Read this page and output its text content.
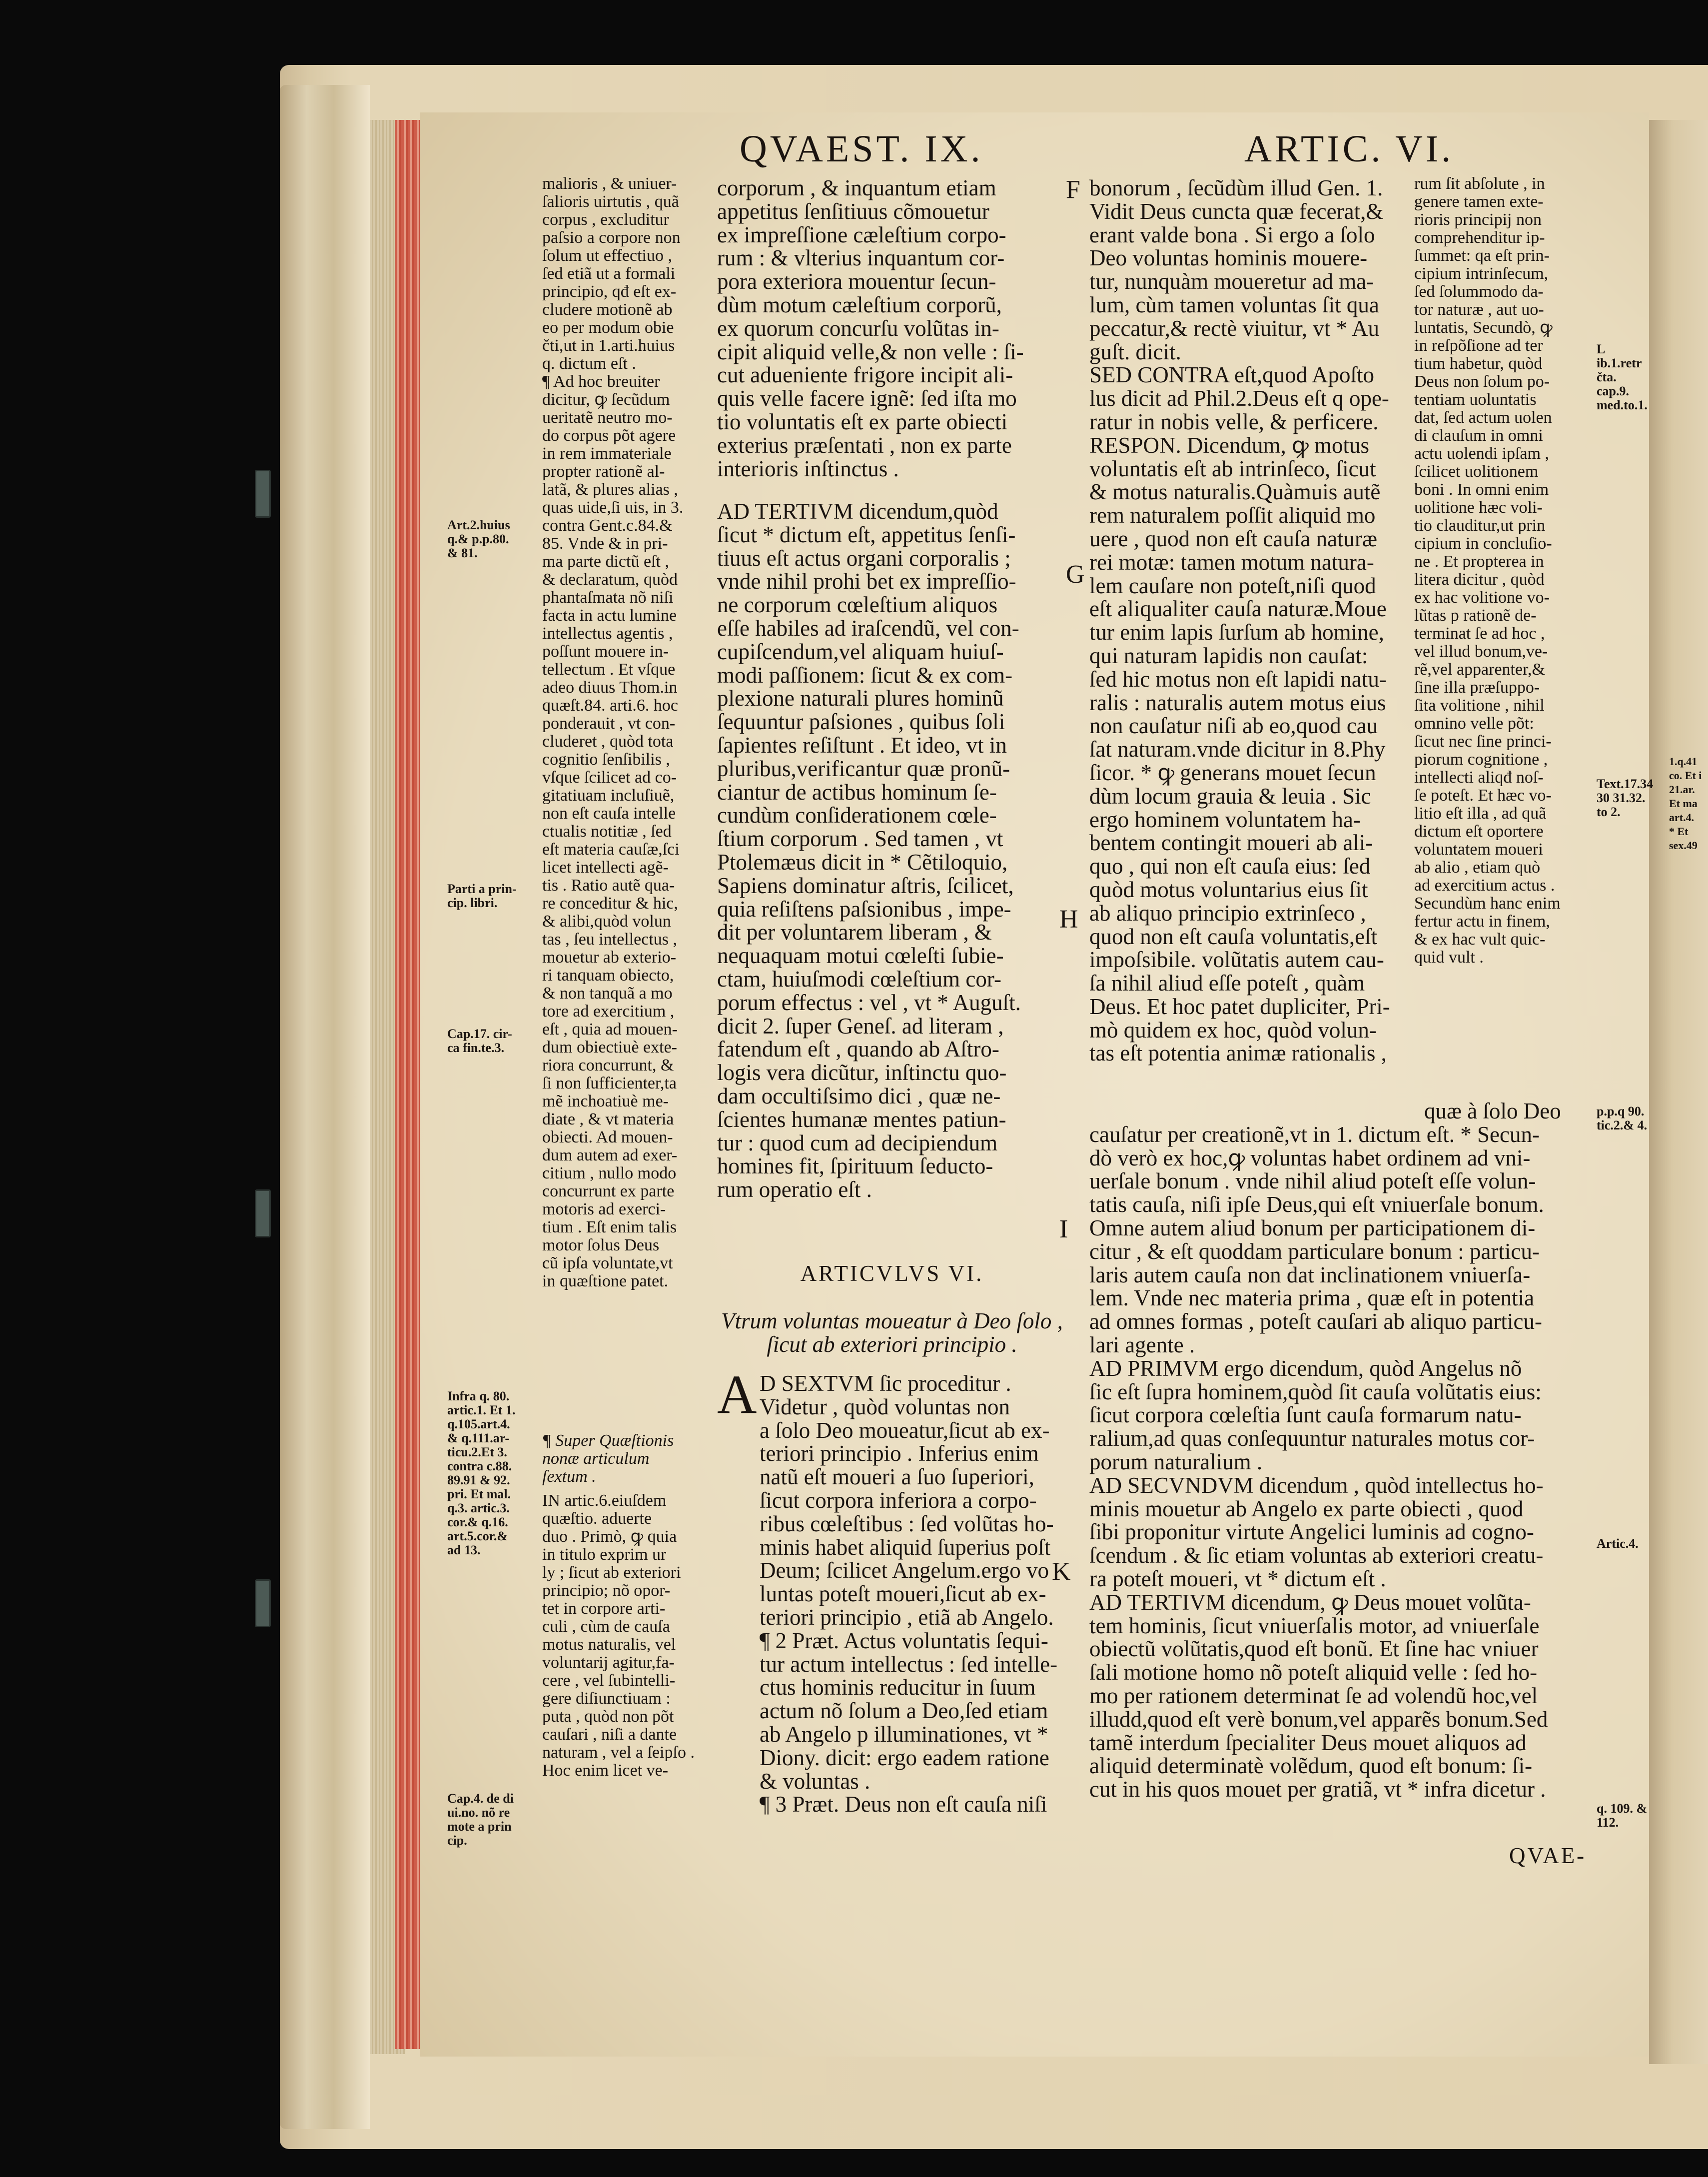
QVAEST. IX.	ARTIC. VI.
malioris , & uniuer-
ſalioris uirtutis , quã
corpus , excluditur
paſsio a corpore non
ſolum ut effectiuo ,
ſed etiã ut a formali
principio, qđ eſt ex-
cludere motionẽ ab
eo per modum obie
čti,ut in 1.arti.huius
q. dictum eſt .
¶ Ad hoc breuiter
dicitur, ꝙ ſecũdum
ueritatẽ neutro mo-
do corpus põt agere
in rem immateriale
propter rationẽ al-
latã, & plures alias ,
quas uide,ſi uis, in 3.
contra Gent.c.84.&
85. Vnde & in pri-
ma parte dictũ eſt ,
& declaratum, quòd
phantaſmata nõ niſi
facta in actu lumine
intellectus agentis ,
poſſunt mouere in-
tellectum . Et vſque
adeo diuus Thom.in
quæſt.84. arti.6. hoc
ponderauit , vt con-
cluderet , quòd tota
cognitio ſenſibilis ,
vſque ſcilicet ad co-
gitatiuam incluſiuẽ,
non eſt cauſa intelle
ctualis notitiæ , ſed
eſt materia cauſæ,ſci
licet intellecti agẽ-
tis . Ratio autẽ qua-
re conceditur & hic,
& alibi,quòd volun
tas , ſeu intellectus ,
mouetur ab exterio-
ri tanquam obiecto,
& non tanquã a mo
tore ad exercitium ,
eſt , quia ad mouen-
dum obiectiuè exte-
riora concurrunt, &
ſi non ſufficienter,ta
mẽ inchoatiuè me-
diate , & vt materia
obiecti. Ad mouen-
dum autem ad exer-
citium , nullo modo
concurrunt ex parte
motoris ad exerci-
tium . Eſt enim talis
motor ſolus Deus
cũ ipſa voluntate,vt
in quæſtione patet.
¶ Super Quæſtionis
nonæ articulum
ſextum .
IN artic.6.eiuſdem
quæſtio. aduerte
duo . Primò, ꝙ quia
in titulo exprim ur
ly ; ſicut ab exteriori
principio; nõ opor-
tet in corpore arti-
culi , cùm de cauſa
motus naturalis, vel
voluntarij agitur,fa-
cere , vel ſubintelli-
gere diſiunctiuam :
puta , quòd non põt
cauſari , niſi a dante
naturam , vel a ſeipſo .
Hoc enim licet ve-
Art.2.huius
q.& p.p.80.
& 81.
Parti a prin-
cip. libri.
Cap.17. cir-
ca fin.te.3.
Infra q. 80.
artic.1. Et 1.
q.105.art.4.
& q.111.ar-
ticu.2.Et 3.
contra c.88.
89.91 & 92.
pri. Et mal.
q.3. artic.3.
cor.& q.16.
art.5.cor.&
ad 13.
Cap.4. de di
ui.no. nõ re
mote a prin
cip.
corporum , & inquantum etiam
appetitus ſenſitiuus cõmouetur
ex impreſſione cæleſtium corpo-
rum : & vlterius inquantum cor-
pora exteriora mouentur ſecun-
dùm motum cæleſtium corporũ,
ex quorum concurſu volũtas in-
cipit aliquid velle,& non velle : ſi-
cut adueniente frigore incipit ali-
quis velle facere ignẽ: ſed iſta mo
tio voluntatis eſt ex parte obiecti
exterius præſentati , non ex parte
interioris inſtinctus .
AD TERTIVM dicendum,quòd
ſicut * dictum eſt, appetitus ſenſi-
tiuus eſt actus organi corporalis ;
vnde nihil prohi bet ex impreſſio-
ne corporum cœleſtium aliquos
eſſe habiles ad iraſcendũ, vel con-
cupiſcendum,vel aliquam huiuſ-
modi paſſionem: ſicut & ex com-
plexione naturali plures hominũ
ſequuntur paſsiones , quibus ſoli
ſapientes reſiſtunt . Et ideo, vt in
pluribus,verificantur quæ pronũ-
ciantur de actibus hominum ſe-
cundùm conſiderationem cœle-
ſtium corporum . Sed tamen , vt
Ptolemæus dicit in * Cẽtiloquio,
Sapiens dominatur aſtris, ſcilicet,
quia reſiſtens paſsionibus , impe-
dit per voluntarem liberam , &
nequaquam motui cœleſti ſubie-
ctam, huiuſmodi cœleſtium cor-
porum effectus : vel , vt * Auguſt.
dicit 2. ſuper Geneſ. ad literam ,
fatendum eſt , quando ab Aſtro-
logis vera dicũtur, inſtinctu quo-
dam occultiſsimo dici , quæ ne-
ſcientes humanæ mentes patiun-
tur : quod cum ad decipiendum
homines fit, ſpirituum ſeducto-
rum operatio eſt .
ARTICVLVS VI.
Vtrum voluntas moueatur à Deo ſolo ,
ſicut ab exteriori principio .
A D SEXTVM ſic proceditur .
Videtur , quòd voluntas non
a ſolo Deo moueatur,ſicut ab ex-
teriori principio . Inferius enim
natũ eſt moueri a ſuo ſuperiori,
ſicut corpora inferiora a corpo-
ribus cœleſtibus : ſed volũtas ho-
minis habet aliquid ſuperius poſt
Deum; ſcilicet Angelum.ergo vo
luntas poteſt moueri,ſicut ab ex-
teriori principio , etiã ab Angelo.
¶ 2 Præt. Actus voluntatis ſequi-
tur actum intellectus : ſed intelle-
ctus hominis reducitur in ſuum
actum nõ ſolum a Deo,ſed etiam
ab Angelo p illuminationes, vt *
Diony. dicit: ergo eadem ratione
& voluntas .
¶ 3 Præt. Deus non eſt cauſa niſi
F
G
H
I
K
bonorum , ſecũdùm illud Gen. 1.
Vidit Deus cuncta quæ fecerat,&
erant valde bona . Si ergo a ſolo
Deo voluntas hominis mouere-
tur, nunquàm moueretur ad ma-
lum, cùm tamen voluntas ſit qua
peccatur,& rectè viuitur, vt * Au
guſt. dicit.
SED CONTRA eſt,quod Apoſto
lus dicit ad Phil.2.Deus eſt q ope-
ratur in nobis velle, & perficere.
RESPON. Dicendum, ꝙ motus
voluntatis eſt ab intrinſeco, ſicut
& motus naturalis.Quàmuis autẽ
rem naturalem poſſit aliquid mo
uere , quod non eſt cauſa naturæ
rei motæ: tamen motum natura-
lem cauſare non poteſt,niſi quod
eſt aliqualiter cauſa naturæ.Moue
tur enim lapis ſurſum ab homine,
qui naturam lapidis non cauſat:
ſed hic motus non eſt lapidi natu-
ralis : naturalis autem motus eius
non cauſatur niſi ab eo,quod cau
ſat naturam.vnde dicitur in 8.Phy
ſicor. * ꝙ generans mouet ſecun
dùm locum grauia & leuia . Sic
ergo hominem voluntatem ha-
bentem contingit moueri ab ali-
quo , qui non eſt cauſa eius: ſed
quòd motus voluntarius eius ſit
ab aliquo principio extrinſeco ,
quod non eſt cauſa voluntatis,eſt
impoſsibile. volũtatis autem cau-
ſa nihil aliud eſſe poteſt , quàm
Deus. Et hoc patet dupliciter, Pri-
mò quidem ex hoc, quòd volun-
tas eſt potentia animæ rationalis ,
quæ à ſolo Deo
cauſatur per creationẽ,vt in 1. dictum eſt. * Secun-
dò verò ex hoc,ꝙ voluntas habet ordinem ad vni-
uerſale bonum . vnde nihil aliud poteſt eſſe volun-
tatis cauſa, niſi ipſe Deus,qui eſt vniuerſale bonum.
Omne autem aliud bonum per participationem di-
citur , & eſt quoddam particulare bonum : particu-
laris autem cauſa non dat inclinationem vniuerſa-
lem. Vnde nec materia prima , quæ eſt in potentia
ad omnes formas , poteſt cauſari ab aliquo particu-
lari agente .
AD PRIMVM ergo dicendum, quòd Angelus nõ
ſic eſt ſupra hominem,quòd ſit cauſa volũtatis eius:
ſicut corpora cœleſtia ſunt cauſa formarum natu-
ralium,ad quas conſequuntur naturales motus cor-
porum naturalium .
AD SECVNDVM dicendum , quòd intellectus ho-
minis mouetur ab Angelo ex parte obiecti , quod
ſibi proponitur virtute Angelici luminis ad cogno-
ſcendum . & ſic etiam voluntas ab exteriori creatu-
ra poteſt moueri, vt * dictum eſt .
AD TERTIVM dicendum, ꝙ Deus mouet volũta-
tem hominis, ſicut vniuerſalis motor, ad vniuerſale
obiectũ volũtatis,quod eſt bonũ. Et ſine hac vniuer
ſali motione homo nõ poteſt aliquid velle : ſed ho-
mo per rationem determinat ſe ad volendũ hoc,vel
illudd,quod eſt verè bonum,vel apparẽs bonum.Sed
tamẽ interdum ſpecialiter Deus mouet aliquos ad
aliquid determinatè volẽdum, quod eſt bonum: ſi-
cut in his quos mouet per gratiã, vt * infra dicetur .
QVAE-
rum ſit abſolute , in
genere tamen exte-
rioris principij non
comprehenditur ip-
ſummet: qa eſt prin-
cipium intrinſecum,
ſed ſolummodo da-
tor naturæ , aut uo-
luntatis, Secundò, ꝙ
in reſpõſione ad ter
tium habetur, quòd
Deus non ſolum po-
tentiam uoluntatis
dat, ſed actum uolen
di clauſum in omni
actu uolendi ipſam ,
ſcilicet uolitionem
boni . In omni enim
uolitione hæc voli-
tio clauditur,ut prin
cipium in concluſio-
ne . Et propterea in
litera dicitur , quòd
ex hac volitione vo-
lũtas p rationẽ de-
terminat ſe ad hoc ,
vel illud bonum,ve-
rẽ,vel apparenter,&
ſine illa præſuppo-
ſita volitione , nihil
omnino velle põt:
ſicut nec ſine princi-
piorum cognitione ,
intellecti aliqđ noſ-
ſe poteſt. Et hæc vo-
litio eſt illa , ad quã
dictum eſt oportere
voluntatem moueri
ab alio , etiam quò
ad exercitium actus .
Secundùm hanc enim
fertur actu in finem,
& ex hac vult quic-
quid vult .
L ib.1.retr
čta. cap.9.
med.to.1.
Text.17.34
30 31.32.
to 2.
p.p.q 90.
tic.2.& 4.
Artic.4.
q. 109. &
112.
1.q.41
co. Et i
21.ar.
Et ma
art.4.
* Et
sex.49
